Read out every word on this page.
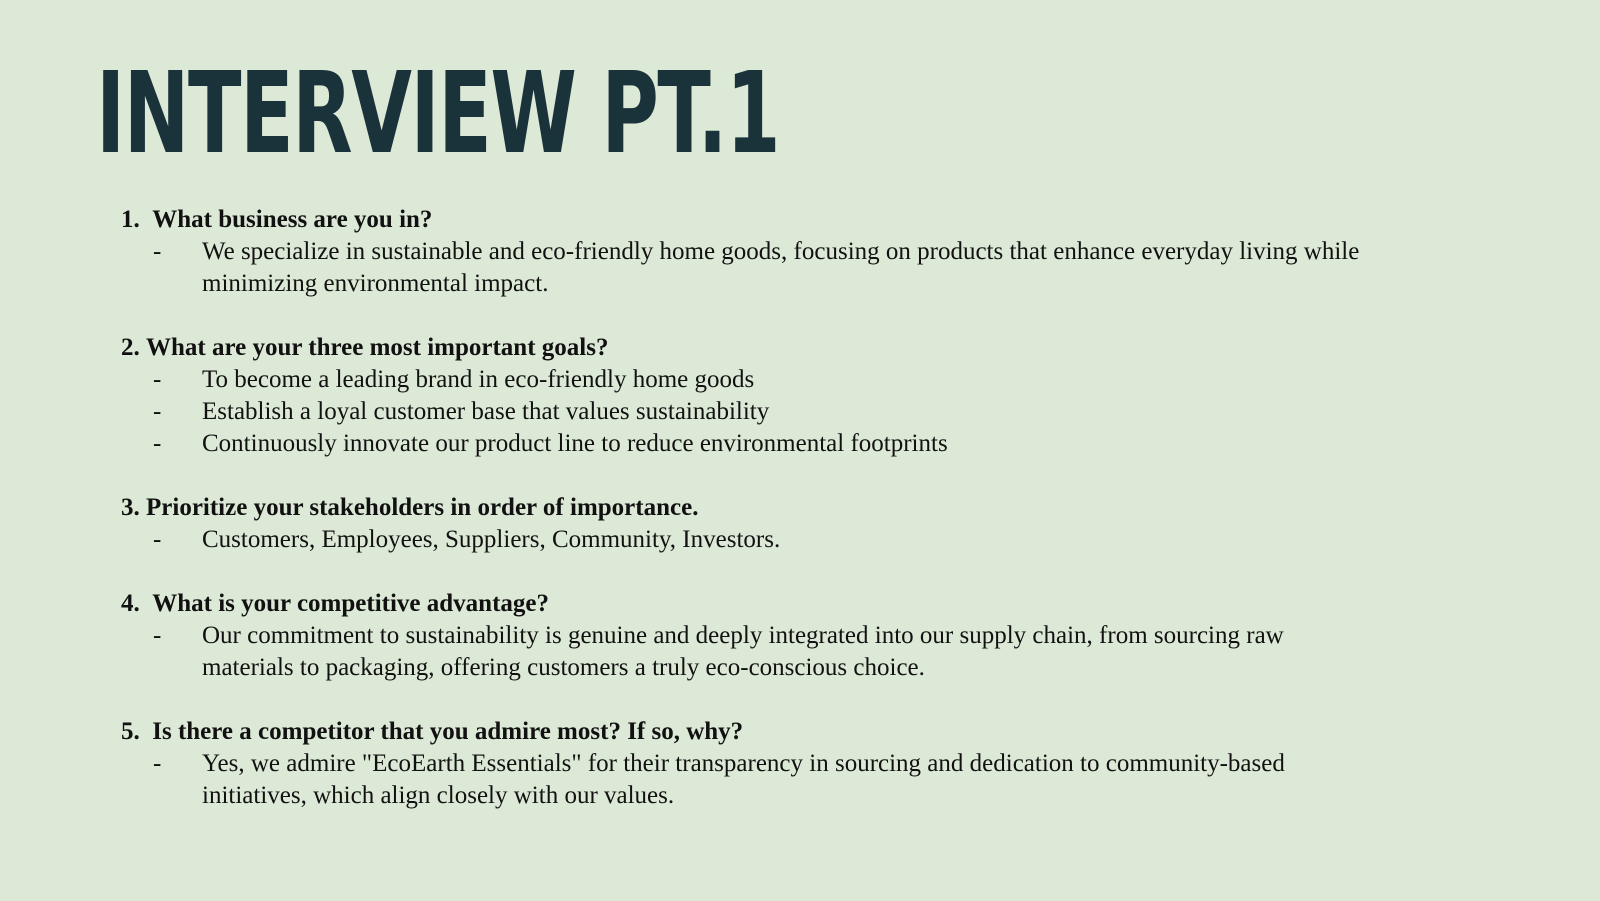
INTERVIEW PT.1

1. What business are you in?

- We specialize in sustainable and eco-friendly home goods, focusing on products that enhance everyday living while minimizing environmental impact.

2. What are your three most important goals?

- To become a leading brand in eco-friendly home goods
- Establish a loyal customer base that values sustainability
- Continuously innovate our product line to reduce environmental footprints

3. Prioritize your stakeholders in order of importance.

- Customers, Employees, Suppliers, Community, Investors.

4. What is your competitive advantage?

- Our commitment to sustainability is genuine and deeply integrated into our supply chain, from sourcing raw materials to packaging, offering customers a truly eco-conscious choice.

5. Is there a competitor that you admire most? If so, why?

- Yes, we admire "EcoEarth Essentials" for their transparency in sourcing and dedication to community-based initiatives, which align closely with our values.
